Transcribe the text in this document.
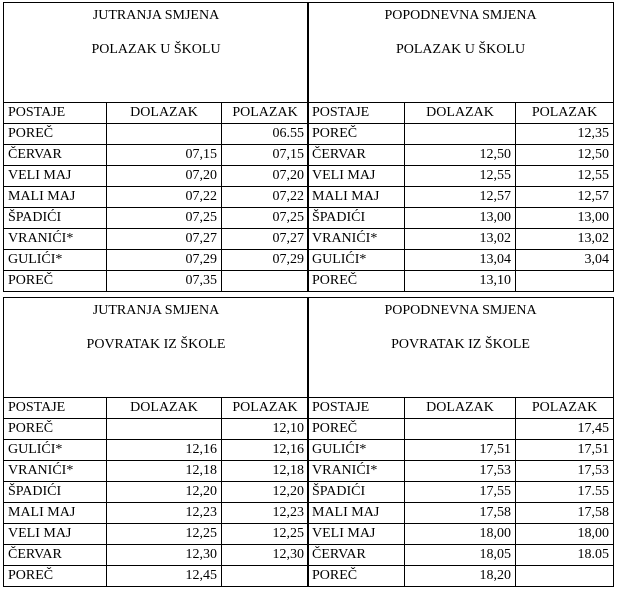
JUTRANJA SMJENA
POLAZAK U ŠKOLU		

POSTAJE	DOLAZAK	POLAZAK
POREČ		06.55
ČERVAR	07,15	07,15
VELI MAJ	07,20	07,20
MALI MAJ	07,22	07,22
ŠPADIĆI	07,25	07,25
VRANIĆI*	07,27	07,27
GULIĆI*	07,29	07,29
POREČ	07,35	
POPODNEVNA SMJENA
POLAZAK U ŠKOLU		

POSTAJE	DOLAZAK	POLAZAK
POREČ		12,35
ČERVAR	12,50	12,50
VELI MAJ	12,55	12,55
MALI MAJ	12,57	12,57
ŠPADIĆI	13,00	13,00
VRANIĆI*	13,02	13,02
GULIĆI*	13,04	3,04
POREČ	13,10	
JUTRANJA SMJENA
POVRATAK IZ ŠKOLE		

POSTAJE	DOLAZAK	POLAZAK
POREČ		12,10
GULIĆI*	12,16	12,16
VRANIĆI*	12,18	12,18
ŠPADIĆI	12,20	12,20
MALI MAJ	12,23	12,23
VELI MAJ	12,25	12,25
ČERVAR	12,30	12,30
POREČ	12,45	
POPODNEVNA SMJENA
POVRATAK IZ ŠKOLE		

POSTAJE	DOLAZAK	POLAZAK
POREČ		17,45
GULIĆI*	17,51	17,51
VRANIĆI*	17,53	17,53
ŠPADIĆI	17,55	17.55
MALI MAJ	17,58	17,58
VELI MAJ	18,00	18,00
ČERVAR	18,05	18.05
POREČ	18,20	
